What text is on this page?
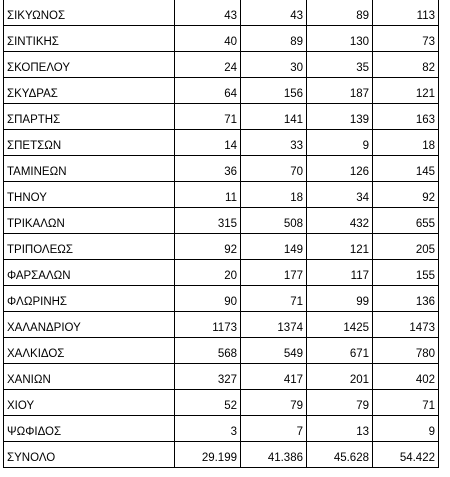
ΣΙΚΥΩΝΟΣ	43	43	89	113
ΣΙΝΤΙΚΗΣ	40	89	130	73
ΣΚΟΠΕΛΟΥ	24	30	35	82
ΣΚΥΔΡΑΣ	64	156	187	121
ΣΠΑΡΤΗΣ	71	141	139	163
ΣΠΕΤΣΩΝ	14	33	9	18
ΤΑΜΙΝΕΩΝ	36	70	126	145
ΤΗΝΟΥ	11	18	34	92
ΤΡΙΚΑΛΩΝ	315	508	432	655
ΤΡΙΠΟΛΕΩΣ	92	149	121	205
ΦΑΡΣΑΛΩΝ	20	177	117	155
ΦΛΩΡΙΝΗΣ	90	71	99	136
ΧΑΛΑΝΔΡΙΟΥ	1173	1374	1425	1473
ΧΑΛΚΙΔΟΣ	568	549	671	780
ΧΑΝΙΩΝ	327	417	201	402
ΧΙΟΥ	52	79	79	71
ΨΩΦΙΔΟΣ	3	7	13	9
ΣΥΝΟΛΟ	29.199	41.386	45.628	54.422
